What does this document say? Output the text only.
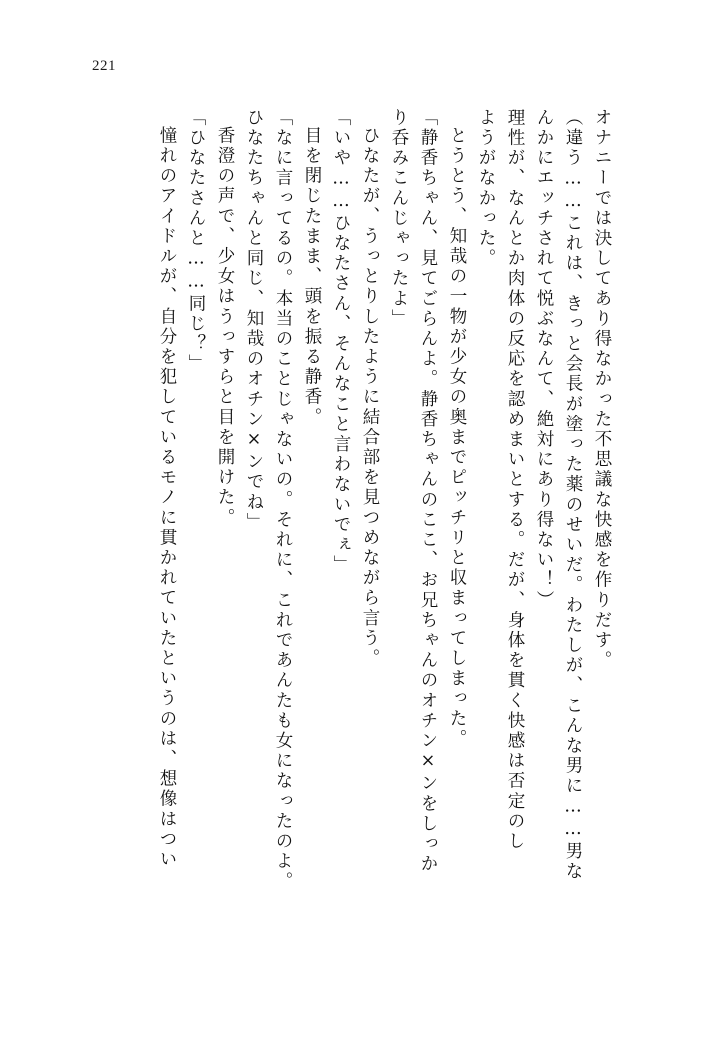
221
オナニーでは決してあり得なかった不思議な快感を作りだす。
（違う……これは、きっと会長が塗った薬のせいだ。わたしが、こんな男に……男な
んかにエッチされて悦ぶなんて、絶対にあり得ない！）
理性が、なんとか肉体の反応を認めまいとする。だが、身体を貫く快感は否定のし
ようがなかった。
とうとう、知哉の一物が少女の奥までピッチリと収まってしまった。
「静香ちゃん、見てごらんよ。静香ちゃんのここ、お兄ちゃんのオチン×ンをしっか
り呑みこんじゃったよ」
ひなたが、うっとりしたように結合部を見つめながら言う。
「いや……ひなたさん、そんなこと言わないでぇ」
目を閉じたまま、頭を振る静香。
「なに言ってるの。本当のことじゃないの。それに、これであんたも女になったのよ。
ひなたちゃんと同じ、知哉のオチン×ンでね」
香澄の声で、少女はうっすらと目を開けた。
「ひなたさんと……同じ？」
憧れのアイドルが、自分を犯しているモノに貫かれていたというのは、想像はつい
